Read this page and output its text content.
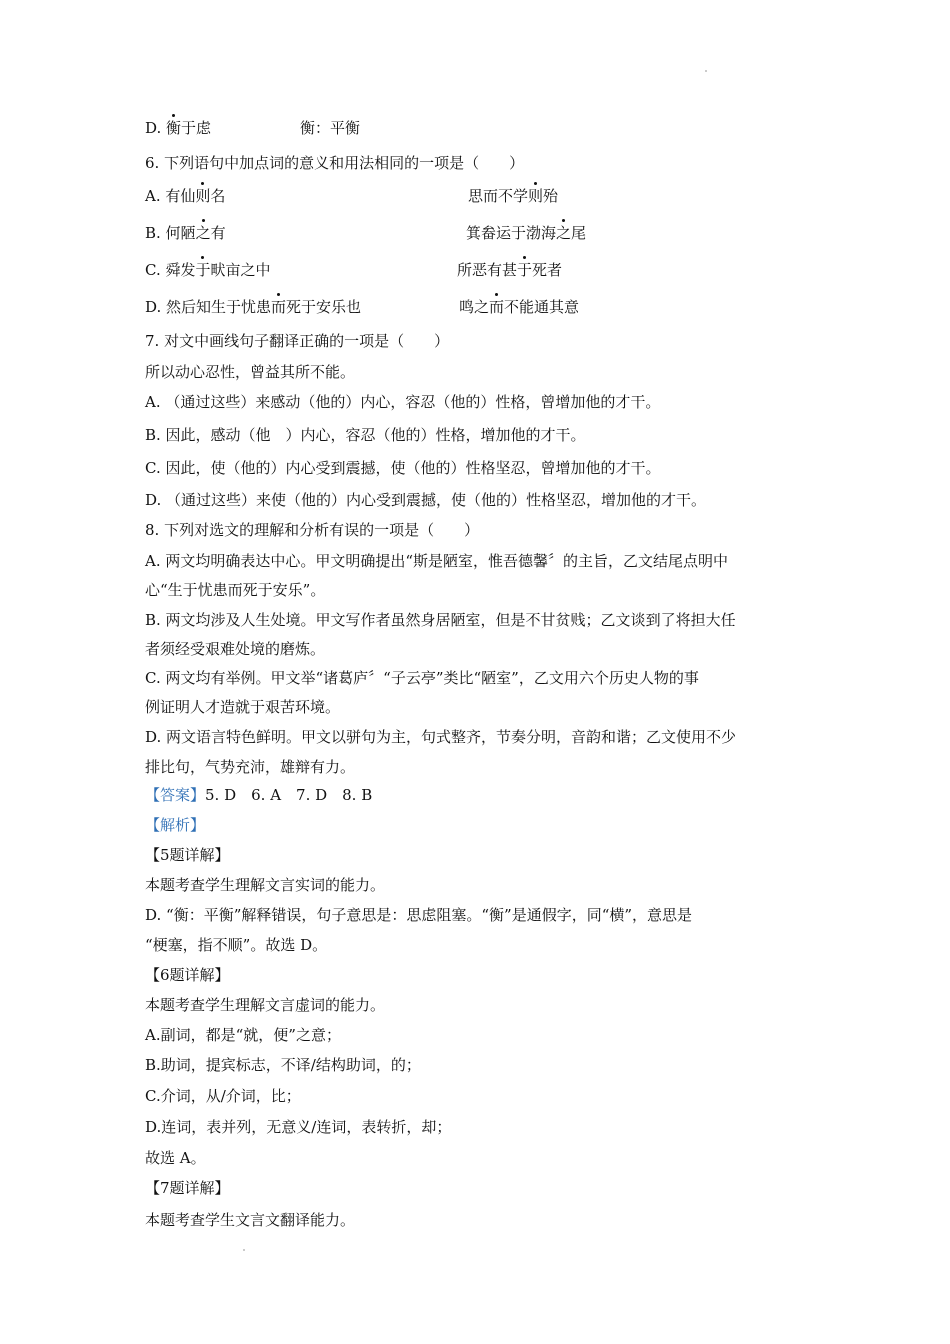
D. 衡于虑	衡：平衡
6. 下列语句中加点词的意义和用法相同的一项是（　　）
A. 有仙则名	思而不学则殆
B. 何陋之有	箕畚运于渤海之尾
C. 舜发于畎亩之中	所恶有甚于死者
D. 然后知生于忧患而死于安乐也	鸣之而不能通其意
7. 对文中画线句子翻译正确的一项是（　　）
所以动心忍性，曾益其所不能。
A. （通过这些）来感动（他的）内心，容忍（他的）性格，曾增加他的才干。
B. 因此，感动（他　）内心，容忍（他的）性格，增加他的才干。
C. 因此，使（他的）内心受到震撼，使（他的）性格坚忍，曾增加他的才干。
D. （通过这些）来使（他的）内心受到震撼，使（他的）性格坚忍，增加他的才干。
8. 下列对选文的理解和分析有误的一项是（　　）
A. 两文均明确表达中心。甲文明确提出“斯是陋室，惟吾德馨〞的主旨，乙文结尾点明中
心“生于忧患而死于安乐”。
B. 两文均涉及人生处境。甲文写作者虽然身居陋室，但是不甘贫贱；乙文谈到了将担大任
者须经受艰难处境的磨炼。
C. 两文均有举例。甲文举“诸葛庐〞“子云亭”类比“陋室”，乙文用六个历史人物的事
例证明人才造就于艰苦环境。
D. 两文语言特色鲜明。甲文以骈句为主，句式整齐，节奏分明，音韵和谐；乙文使用不少
排比句，气势充沛，雄辩有力。
【答案】5. D　6. A　7. D　8. B
【解析】
【5题详解】
本题考查学生理解文言实词的能力。
D. “衡：平衡”解释错误，句子意思是：思虑阻塞。“衡”是通假字，同“横”，意思是
“梗塞，指不顺”。故选 D。
【6题详解】
本题考查学生理解文言虚词的能力。
A.副词，都是“就，便”之意；
B.助词，提宾标志，不译/结构助词，的；
C.介词，从/介词，比；
D.连词，表并列，无意义/连词，表转折，却；
故选 A。
【7题详解】
本题考查学生文言文翻译能力。
